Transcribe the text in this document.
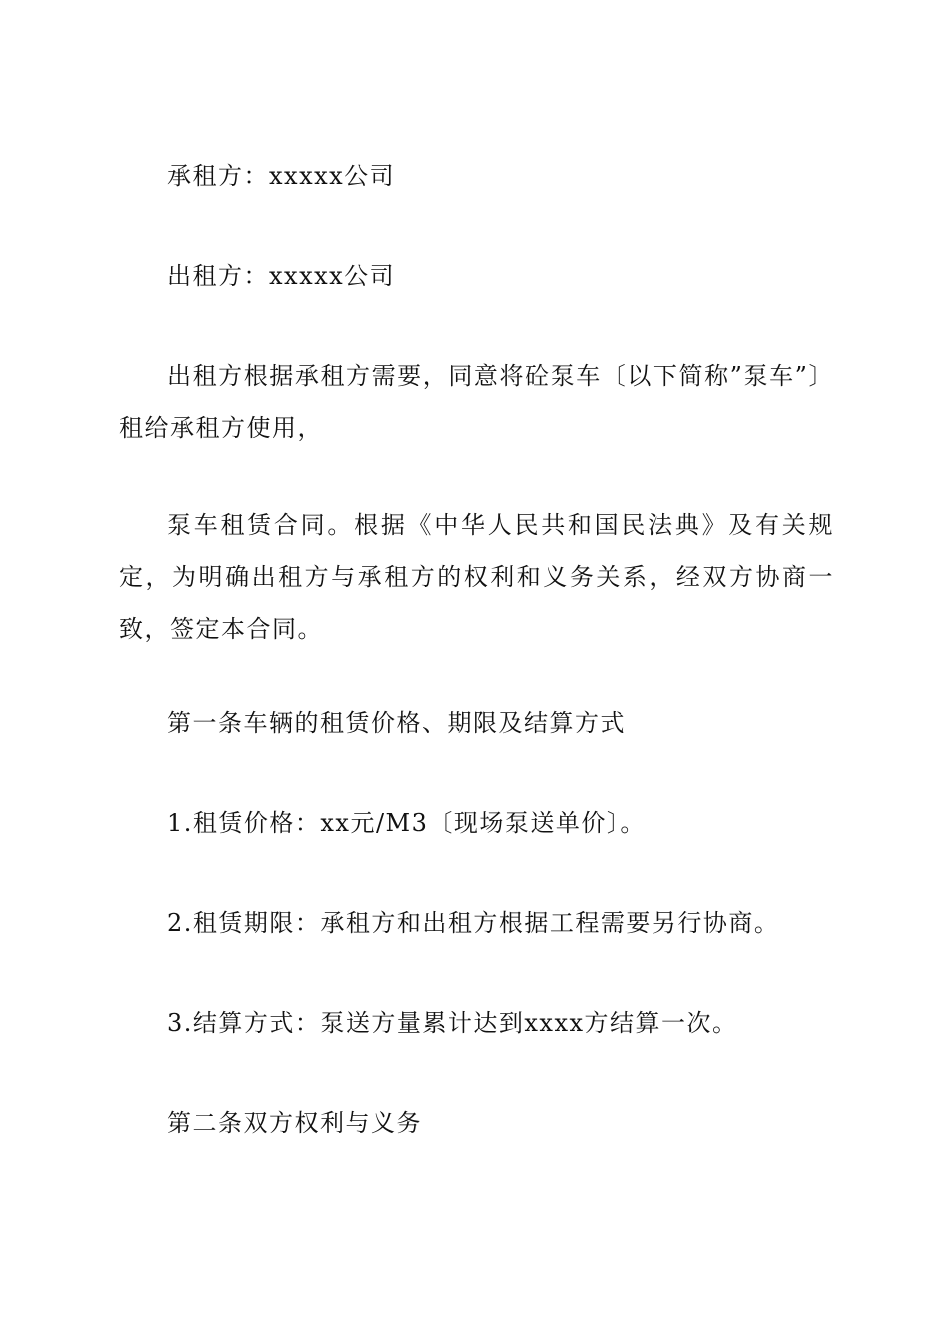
承租方：xxxxx公司

出租方：xxxxx公司

出租方根据承租方需要，同意将砼泵车〔以下简称”泵车”〕租给承租方使用，

泵车租赁合同。根据《中华人民共和国民法典》及有关规定，为明确出租方与承租方的权利和义务关系，经双方协商一致，签定本合同。

第一条车辆的租赁价格、期限及结算方式

1.租赁价格：xx元/M3〔现场泵送单价〕。

2.租赁期限：承租方和出租方根据工程需要另行协商。

3.结算方式：泵送方量累计达到xxxx方结算一次。

第二条双方权利与义务
